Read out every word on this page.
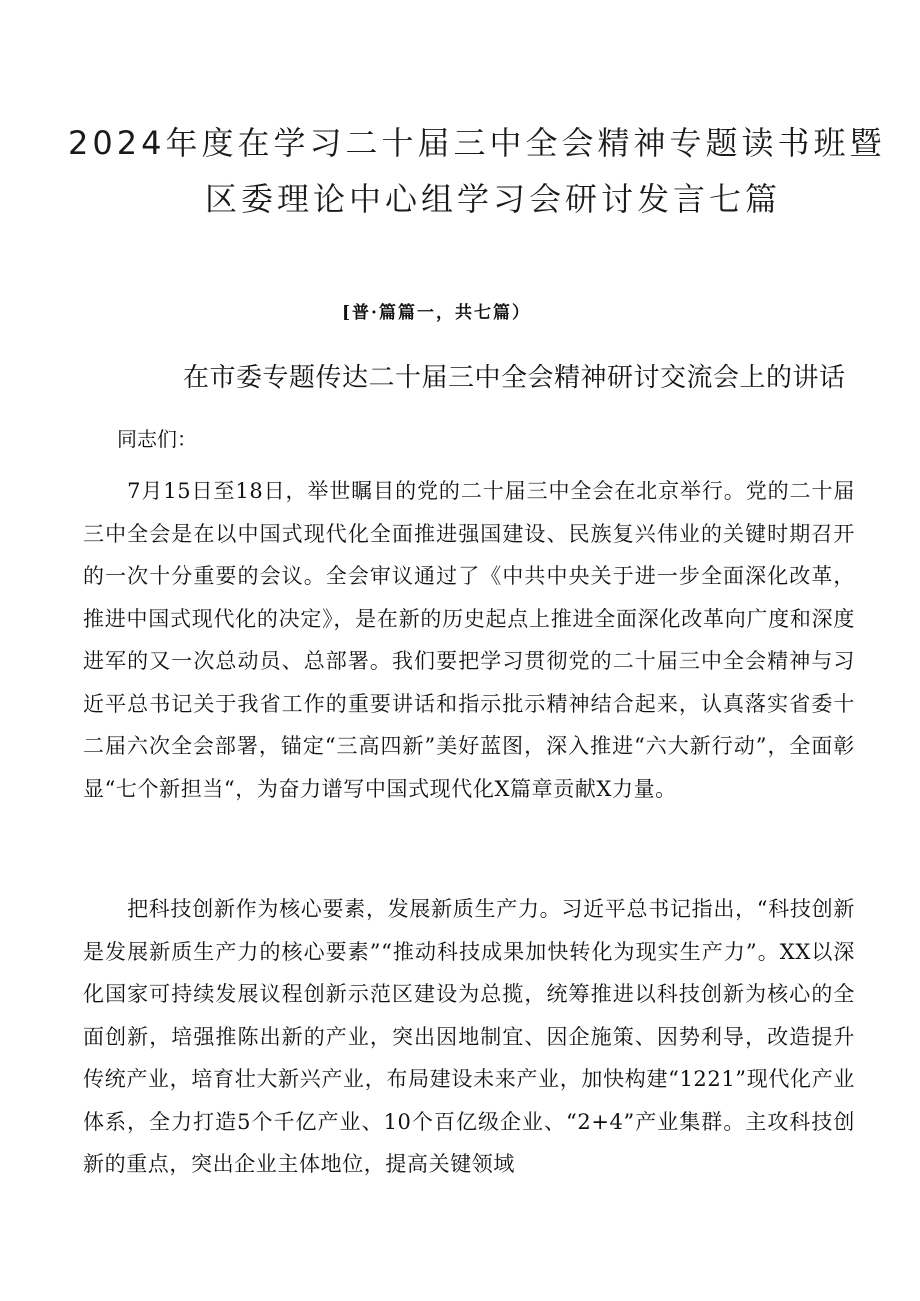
2024年度在学习二十届三中全会精神专题读书班暨
区委理论中心组学习会研讨发言七篇
[普·篇篇一，共七篇）
在市委专题传达二十届三中全会精神研讨交流会上的讲话
同志们：

7月15日至18日，举世瞩目的党的二十届三中全会在北京举行。党的二十届三中全会是在以中国式现代化全面推进强国建设、民族复兴伟业的关键时期召开的一次十分重要的会议。全会审议通过了《中共中央关于进一步全面深化改革，推进中国式现代化的决定》，是在新的历史起点上推进全面深化改革向广度和深度进军的又一次总动员、总部署。我们要把学习贯彻党的二十届三中全会精神与习近平总书记关于我省工作的重要讲话和指示批示精神结合起来，认真落实省委十二届六次全会部署，锚定“三高四新”美好蓝图，深入推进“六大新行动”，全面彰显“七个新担当“，为奋力谱写中国式现代化X篇章贡献X力量。

把科技创新作为核心要素，发展新质生产力。习近平总书记指出，“科技创新是发展新质生产力的核心要素”“推动科技成果加快转化为现实生产力”。XX以深化国家可持续发展议程创新示范区建设为总揽，统筹推进以科技创新为核心的全面创新，培强推陈出新的产业，突出因地制宜、因企施策、因势利导，改造提升传统产业，培育壮大新兴产业，布局建设未来产业，加快构建“1221”现代化产业体系，全力打造5个千亿产业、10个百亿级企业、“2+4”产业集群。主攻科技创新的重点，突出企业主体地位，提高关键领域
